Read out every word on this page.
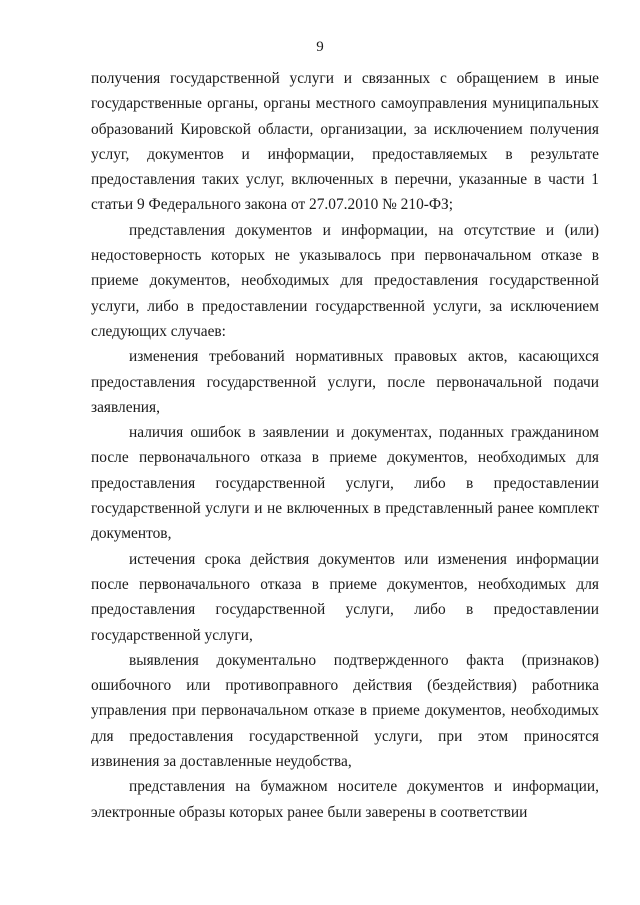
9

получения государственной услуги и связанных с обращением в иные государственные органы, органы местного самоуправления муниципальных образований Кировской области, организации, за исключением получения услуг, документов и информации, предоставляемых в результате предоставления таких услуг, включенных в перечни, указанные в части 1 статьи 9 Федерального закона от 27.07.2010 № 210-ФЗ;

представления документов и информации, на отсутствие и (или) недостоверность которых не указывалось при первоначальном отказе в приеме документов, необходимых для предоставления государственной услуги, либо в предоставлении государственной услуги, за исключением следующих случаев:

изменения требований нормативных правовых актов, касающихся предоставления государственной услуги, после первоначальной подачи заявления,

наличия ошибок в заявлении и документах, поданных гражданином после первоначального отказа в приеме документов, необходимых для предоставления государственной услуги, либо в предоставлении государственной услуги и не включенных в представленный ранее комплект документов,

истечения срока действия документов или изменения информации после первоначального отказа в приеме документов, необходимых для предоставления государственной услуги, либо в предоставлении государственной услуги,

выявления документально подтвержденного факта (признаков) ошибочного или противоправного действия (бездействия) работника управления при первоначальном отказе в приеме документов, необходимых для предоставления государственной услуги, при этом приносятся извинения за доставленные неудобства,

представления на бумажном носителе документов и информации, электронные образы которых ранее были заверены в соответствии
